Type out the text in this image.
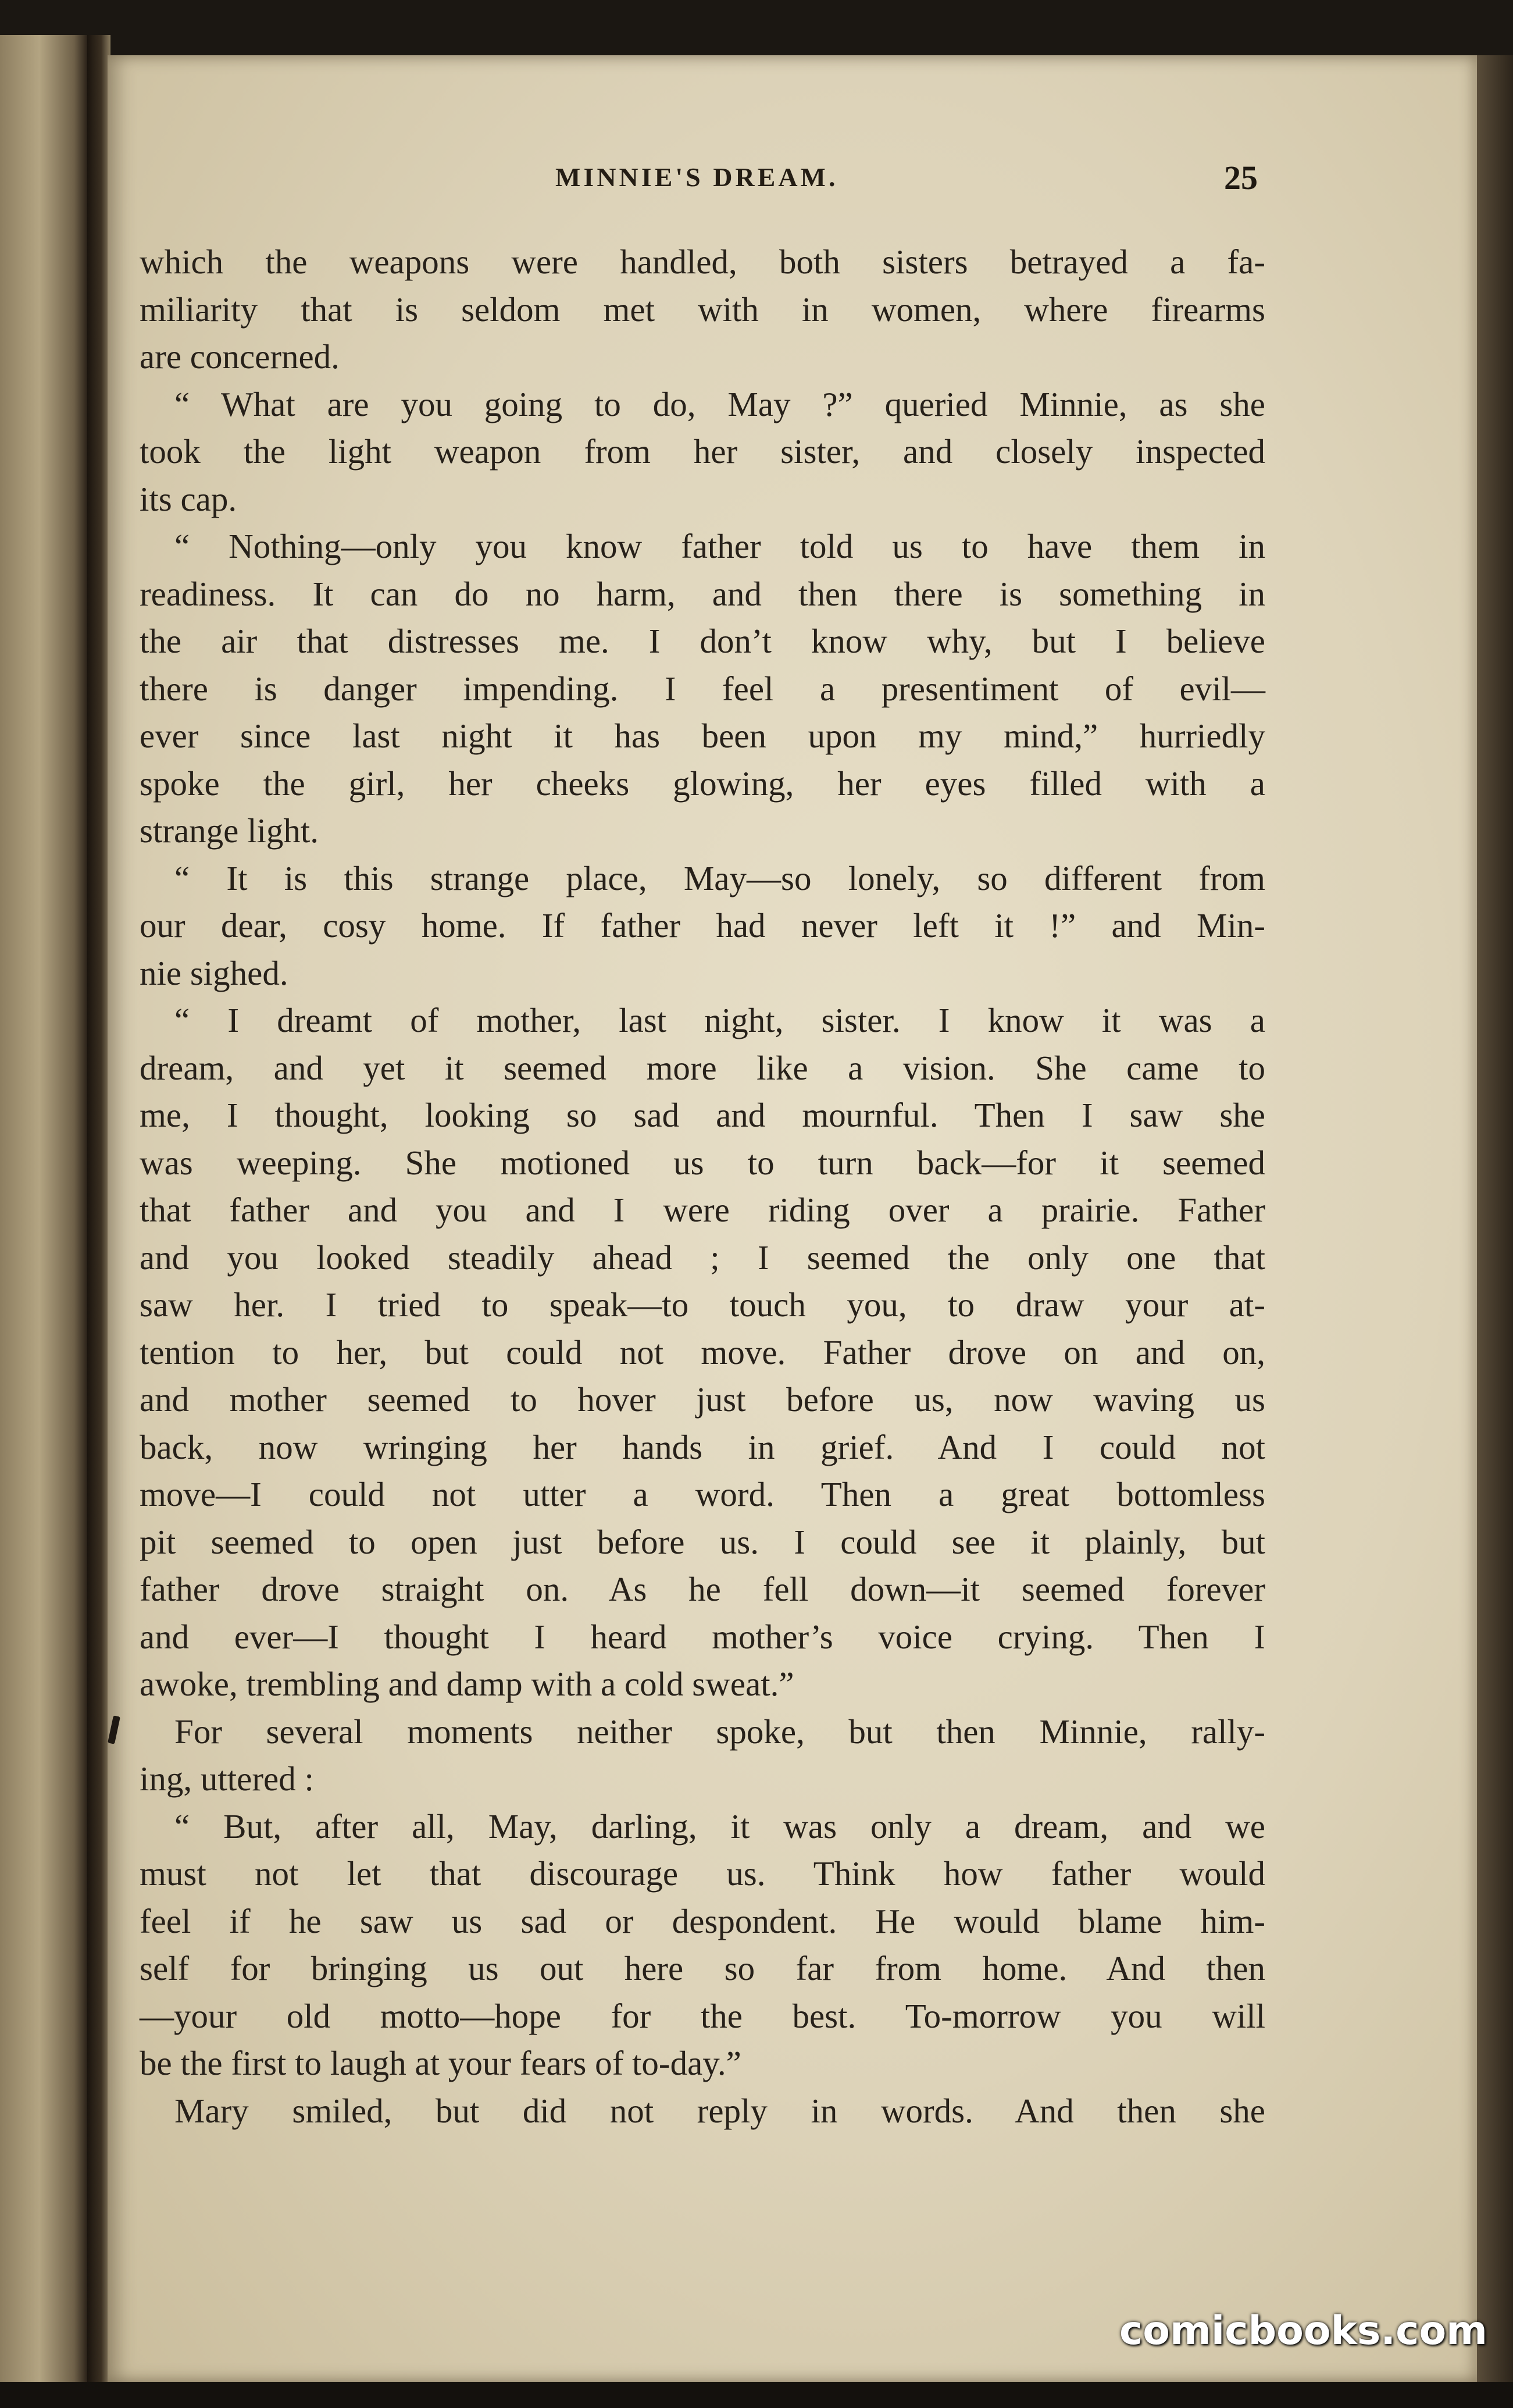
MINNIE'S DREAM.	25
which the weapons were handled, both sisters betrayed a fa-
miliarity that is seldom met with in women, where firearms
are concerned.
“ What are you going to do, May ?” queried Minnie, as she
took the light weapon from her sister, and closely inspected
its cap.
“ Nothing—only you know father told us to have them in
readiness. It can do no harm, and then there is something in
the air that distresses me. I don’t know why, but I believe
there is danger impending. I feel a presentiment of evil—
ever since last night it has been upon my mind,” hurriedly
spoke the girl, her cheeks glowing, her eyes filled with a
strange light.
“ It is this strange place, May—so lonely, so different from
our dear, cosy home. If father had never left it !” and Min-
nie sighed.
“ I dreamt of mother, last night, sister. I know it was a
dream, and yet it seemed more like a vision. She came to
me, I thought, looking so sad and mournful. Then I saw she
was weeping. She motioned us to turn back—for it seemed
that father and you and I were riding over a prairie. Father
and you looked steadily ahead ; I seemed the only one that
saw her. I tried to speak—to touch you, to draw your at-
tention to her, but could not move. Father drove on and on,
and mother seemed to hover just before us, now waving us
back, now wringing her hands in grief. And I could not
move—I could not utter a word. Then a great bottomless
pit seemed to open just before us. I could see it plainly, but
father drove straight on. As he fell down—it seemed forever
and ever—I thought I heard mother’s voice crying. Then I
awoke, trembling and damp with a cold sweat.”
For several moments neither spoke, but then Minnie, rally-
ing, uttered :
“ But, after all, May, darling, it was only a dream, and we
must not let that discourage us. Think how father would
feel if he saw us sad or despondent. He would blame him-
self for bringing us out here so far from home. And then
—your old motto—hope for the best. To-morrow you will
be the first to laugh at your fears of to-day.”
Mary smiled, but did not reply in words. And then she
comicbooks.com
